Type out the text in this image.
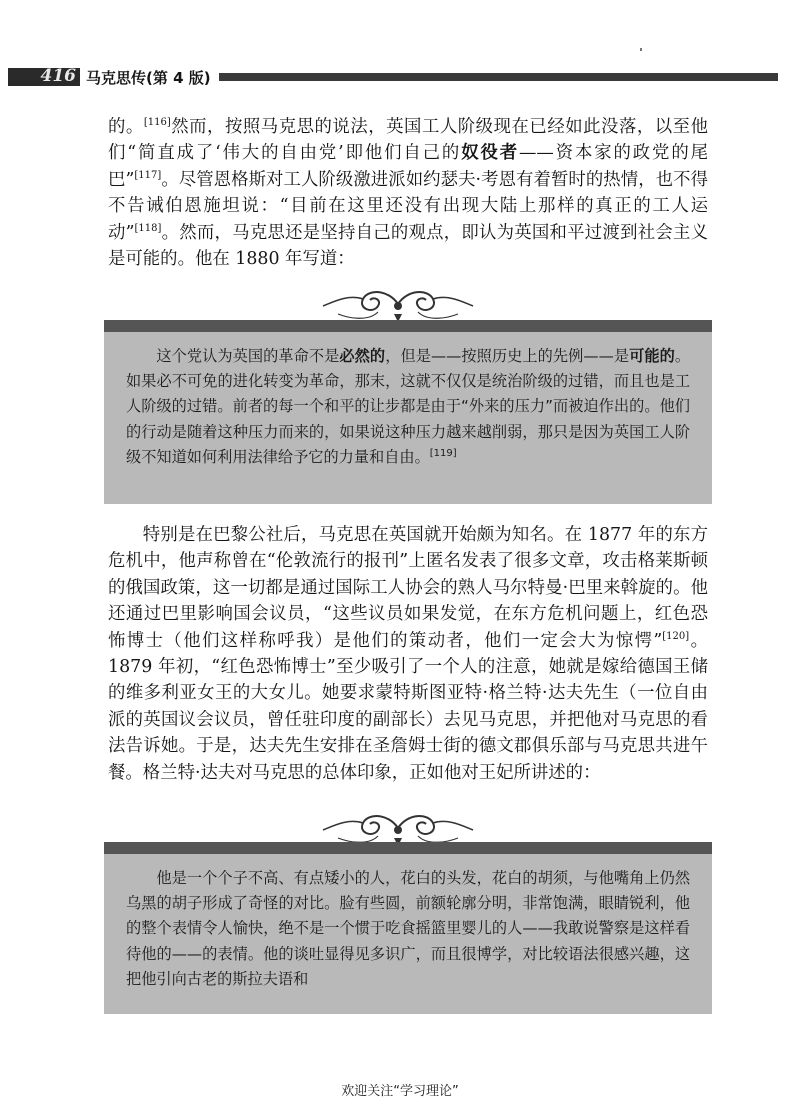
416 马克思传(第 4 版)

的。[116]然而，按照马克思的说法，英国工人阶级现在已经如此没落，以至他们“简直成了‘伟大的自由党’即他们自己的奴役者——资本家的政党的尾巴”[117]。尽管恩格斯对工人阶级激进派如约瑟夫·考恩有着暂时的热情，也不得不告诫伯恩施坦说：“目前在这里还没有出现大陆上那样的真正的工人运动”[118]。然而，马克思还是坚持自己的观点，即认为英国和平过渡到社会主义是可能的。他在 1880 年写道：

这个党认为英国的革命不是必然的，但是——按照历史上的先例——是可能的。如果必不可免的进化转变为革命，那末，这就不仅仅是统治阶级的过错，而且也是工人阶级的过错。前者的每一个和平的让步都是由于“外来的压力”而被迫作出的。他们的行动是随着这种压力而来的，如果说这种压力越来越削弱，那只是因为英国工人阶级不知道如何利用法律给予它的力量和自由。[119]

特别是在巴黎公社后，马克思在英国就开始颇为知名。在 1877 年的东方危机中，他声称曾在“伦敦流行的报刊”上匿名发表了很多文章，攻击格莱斯顿的俄国政策，这一切都是通过国际工人协会的熟人马尔特曼·巴里来斡旋的。他还通过巴里影响国会议员，“这些议员如果发觉，在东方危机问题上，红色恐怖博士（他们这样称呼我）是他们的策动者，他们一定会大为惊愕”[120]。1879 年初，“红色恐怖博士”至少吸引了一个人的注意，她就是嫁给德国王储的维多利亚女王的大女儿。她要求蒙特斯图亚特·格兰特·达夫先生（一位自由派的英国议会议员，曾任驻印度的副部长）去见马克思，并把他对马克思的看法告诉她。于是，达夫先生安排在圣詹姆士街的德文郡俱乐部与马克思共进午餐。格兰特·达夫对马克思的总体印象，正如他对王妃所讲述的：

他是一个个子不高、有点矮小的人，花白的头发，花白的胡须，与他嘴角上仍然乌黑的胡子形成了奇怪的对比。脸有些圆，前额轮廓分明，非常饱满，眼睛锐利，他的整个表情令人愉快，绝不是一个惯于吃食摇篮里婴儿的人——我敢说警察是这样看待他的——的表情。他的谈吐显得见多识广，而且很博学，对比较语法很感兴趣，这把他引向古老的斯拉夫语和
欢迎关注“学习理论”
